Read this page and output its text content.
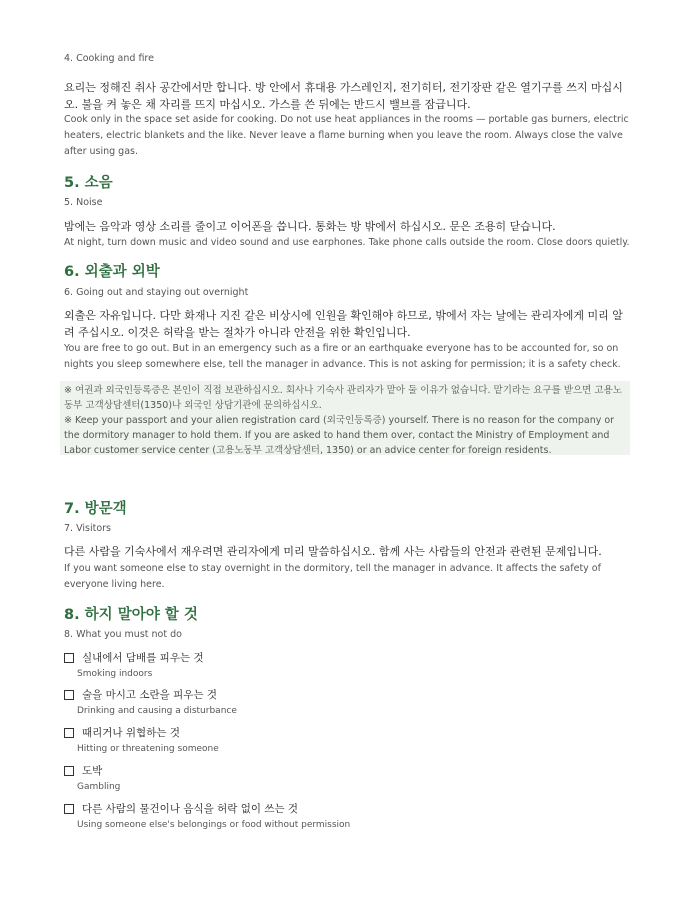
4. Cooking and fire
요리는 정해진 취사 공간에서만 합니다. 방 안에서 휴대용 가스레인지, 전기히터, 전기장판 같은 열기구를 쓰지 마십시오. 불을 켜 놓은 채 자리를 뜨지 마십시오. 가스를 쓴 뒤에는 반드시 밸브를 잠급니다.
Cook only in the space set aside for cooking. Do not use heat appliances in the rooms — portable gas burners, electric heaters, electric blankets and the like. Never leave a flame burning when you leave the room. Always close the valve after using gas.
5. 소음
5. Noise
밤에는 음악과 영상 소리를 줄이고 이어폰을 씁니다. 통화는 방 밖에서 하십시오. 문은 조용히 닫습니다.
At night, turn down music and video sound and use earphones. Take phone calls outside the room. Close doors quietly.
6. 외출과 외박
6. Going out and staying out overnight
외출은 자유입니다. 다만 화재나 지진 같은 비상시에 인원을 확인해야 하므로, 밖에서 자는 날에는 관리자에게 미리 알려 주십시오. 이것은 허락을 받는 절차가 아니라 안전을 위한 확인입니다.
You are free to go out. But in an emergency such as a fire or an earthquake everyone has to be accounted for, so on nights you sleep somewhere else, tell the manager in advance. This is not asking for permission; it is a safety check.
※ 여권과 외국인등록증은 본인이 직접 보관하십시오. 회사나 기숙사 관리자가 맡아 둘 이유가 없습니다. 맡기라는 요구를 받으면 고용노동부 고객상담센터(1350)나 외국인 상담기관에 문의하십시오.
※ Keep your passport and your alien registration card (외국인등록증) yourself. There is no reason for the company or the dormitory manager to hold them. If you are asked to hand them over, contact the Ministry of Employment and Labor customer service center (고용노동부 고객상담센터, 1350) or an advice center for foreign residents.
7. 방문객
7. Visitors
다른 사람을 기숙사에서 재우려면 관리자에게 미리 말씀하십시오. 함께 사는 사람들의 안전과 관련된 문제입니다.
If you want someone else to stay overnight in the dormitory, tell the manager in advance. It affects the safety of everyone living here.
8. 하지 말아야 할 것
8. What you must not do
실내에서 담배를 피우는 것
Smoking indoors
술을 마시고 소란을 피우는 것
Drinking and causing a disturbance
때리거나 위협하는 것
Hitting or threatening someone
도박
Gambling
다른 사람의 물건이나 음식을 허락 없이 쓰는 것
Using someone else's belongings or food without permission
